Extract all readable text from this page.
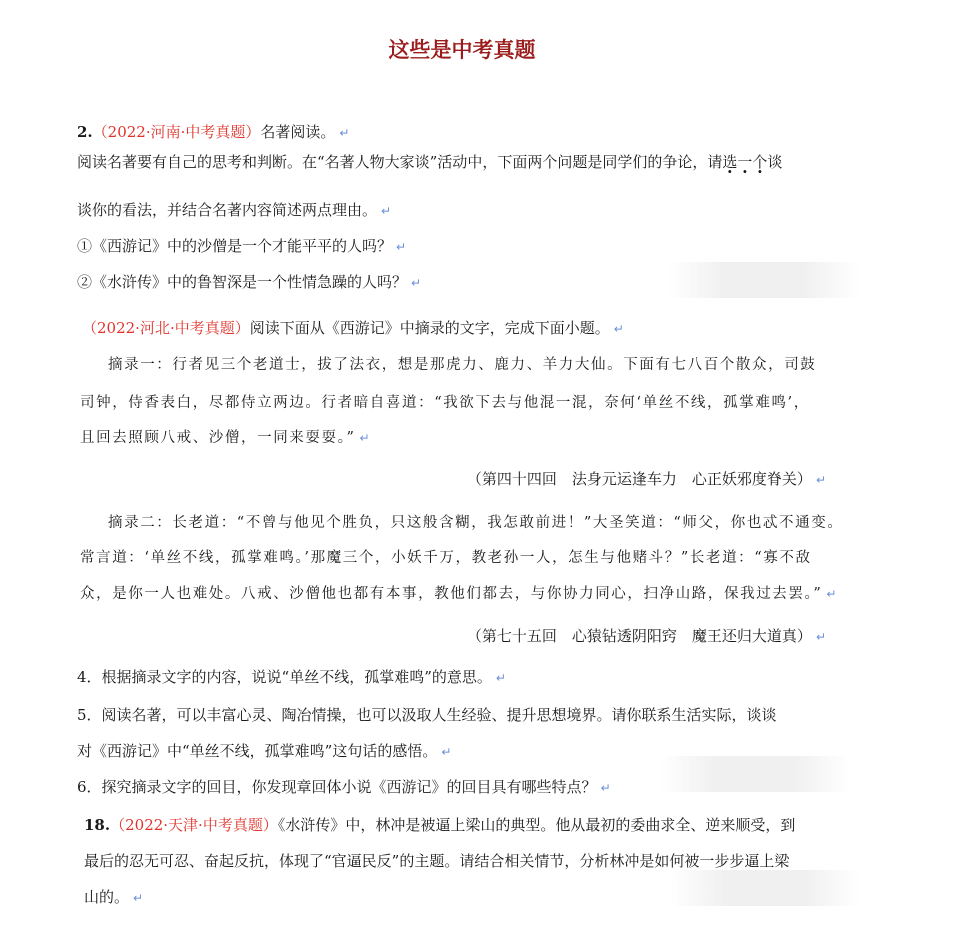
这些是中考真题
2.（2022·河南·中考真题）名著阅读。 ↵
阅读名著要有自己的思考和判断。在“名著人物大家谈”活动中，下面两个问题是同学们的争论，请选一个谈
谈你的看法，并结合名著内容简述两点理由。 ↵
①《西游记》中的沙僧是一个才能平平的人吗？ ↵
②《水浒传》中的鲁智深是一个性情急躁的人吗？ ↵
（2022·河北·中考真题）阅读下面从《西游记》中摘录的文字，完成下面小题。 ↵
摘录一：行者见三个老道士，拔了法衣，想是那虎力、鹿力、羊力大仙。下面有七八百个散众，司鼓
司钟，侍香表白，尽都侍立两边。行者暗自喜道：“我欲下去与他混一混，奈何‘单丝不线，孤掌难鸣’，
且回去照顾八戒、沙僧，一同来耍耍。” ↵
（第四十四回　法身元运逢车力　心正妖邪度脊关） ↵
摘录二：长老道：“不曾与他见个胜负，只这般含糊，我怎敢前进！”大圣笑道：“师父，你也忒不通变。
常言道：‘单丝不线，孤掌难鸣。’那魔三个，小妖千万，教老孙一人，怎生与他赌斗？”长老道：“寡不敌
众，是你一人也难处。八戒、沙僧他也都有本事，教他们都去，与你协力同心，扫净山路，保我过去罢。” ↵
（第七十五回　心猿钻透阴阳窍　魔王还归大道真） ↵
4．根据摘录文字的内容，说说“单丝不线，孤掌难鸣”的意思。 ↵
5．阅读名著，可以丰富心灵、陶冶情操，也可以汲取人生经验、提升思想境界。请你联系生活实际，谈谈
对《西游记》中“单丝不线，孤掌难鸣”这句话的感悟。 ↵
6．探究摘录文字的回目，你发现章回体小说《西游记》的回目具有哪些特点？ ↵
18.（2022·天津·中考真题）《水浒传》中，林冲是被逼上梁山的典型。他从最初的委曲求全、逆来顺受，到
最后的忍无可忍、奋起反抗，体现了“官逼民反”的主题。请结合相关情节，分析林冲是如何被一步步逼上梁
山的。 ↵
